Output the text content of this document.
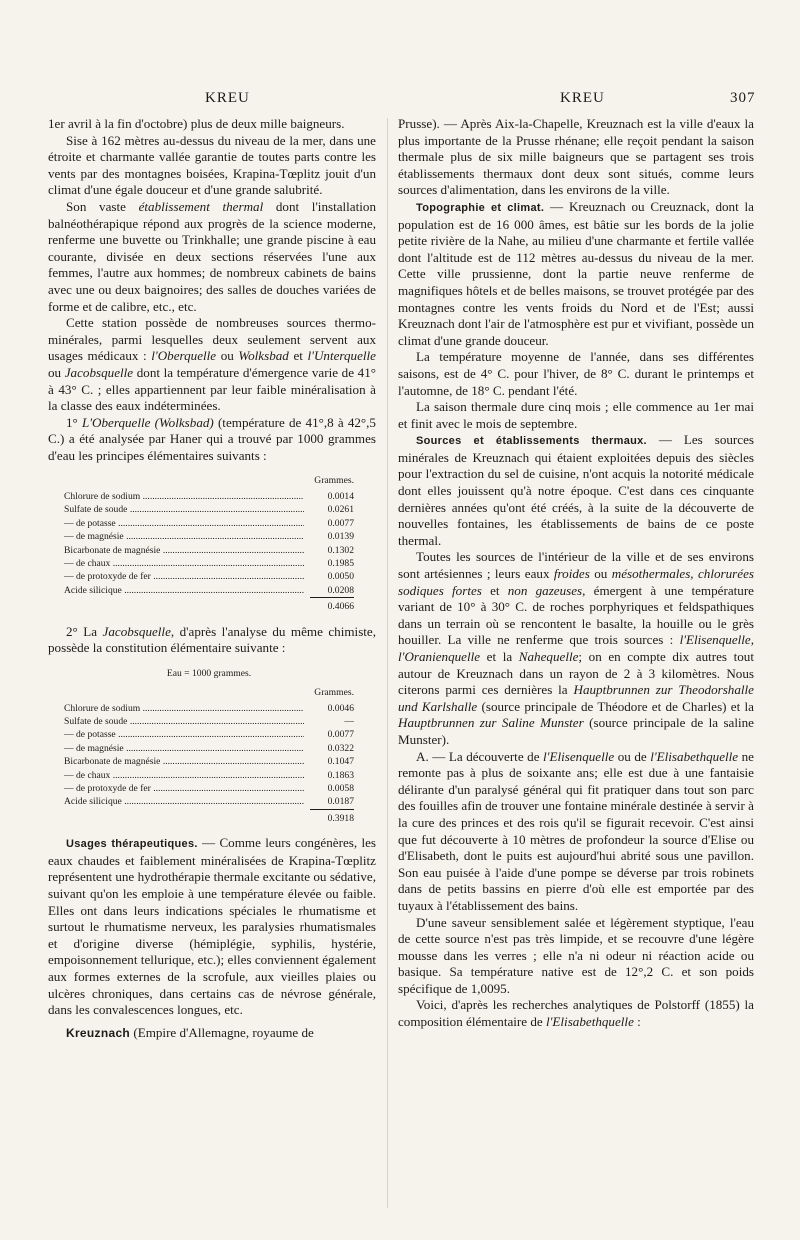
KREU	KREU	307

1er avril à la fin d'octobre) plus de deux mille baigneurs.

Sise à 162 mètres au-dessus du niveau de la mer, dans une étroite et charmante vallée garantie de toutes parts contre les vents par des montagnes boisées, Krapina-Tœplitz jouit d'un climat d'une égale douceur et d'une grande salubrité.

Son vaste établissement thermal dont l'installation balnéothérapique répond aux progrès de la science moderne, renferme une buvette ou Trinkhalle; une grande piscine à eau courante, divisée en deux sections réservées l'une aux femmes, l'autre aux hommes; de nombreux cabinets de bains avec une ou deux baignoires; des salles de douches variées de forme et de calibre, etc., etc.

Cette station possède de nombreuses sources thermo-minérales, parmi lesquelles deux seulement servent aux usages médicaux : l'Oberquelle ou Wolksbad et l'Unterquelle ou Jacobsquelle dont la température d'émergence varie de 41° à 43° C. ; elles appartiennent par leur faible minéralisation à la classe des eaux indéterminées.

1° L'Oberquelle (Wolksbad) (température de 41°,8 à 42°,5 C.) a été analysée par Haner qui a trouvé par 1000 grammes d'eau les principes élémentaires suivants :

Grammes.
Chlorure de sodium .....	0.0014
Sulfate de soude .....	0.0261
— de potasse .....	0.0077
— de magnésie .....	0.0139
Bicarbonate de magnésie .....	0.1302
— de chaux .....	0.1985
— de protoxyde de fer .....	0.0050
Acide silicique .....	0.0208
0.4066

2° La Jacobsquelle, d'après l'analyse du même chimiste, possède la constitution élémentaire suivante :

Eau = 1000 grammes.
Grammes.
Chlorure de sodium .....	0.0046
Sulfate de soude .....	—
— de potasse .....	0.0077
— de magnésie .....	0.0322
Bicarbonate de magnésie .....	0.1047
— de chaux .....	0.1863
— de protoxyde de fer .....	0.0058
Acide silicique .....	0.0187
0.3918

Usages thérapeutiques. — Comme leurs congénères, les eaux chaudes et faiblement minéralisées de Krapina-Tœplitz représentent une hydrothérapie thermale excitante ou sédative, suivant qu'on les emploie à une température élevée ou faible. Elles ont dans leurs indications spéciales le rhumatisme et surtout le rhumatisme nerveux, les paralysies rhumatismales et d'origine diverse (hémiplégie, syphilis, hystérie, empoisonnement tellurique, etc.); elles conviennent également aux formes externes de la scrofule, aux vieilles plaies ou ulcères chroniques, dans certains cas de névrose générale, dans les convalescences longues, etc.

Kreuznach (Empire d'Allemagne, royaume de

Prusse). — Après Aix-la-Chapelle, Kreuznach est la ville d'eaux la plus importante de la Prusse rhénane; elle reçoit pendant la saison thermale plus de six mille baigneurs que se partagent ses trois établissements thermaux dont deux sont situés, comme leurs sources d'alimentation, dans les environs de la ville.

Topographie et climat. — Kreuznach ou Creuznack, dont la population est de 16 000 âmes, est bâtie sur les bords de la jolie petite rivière de la Nahe, au milieu d'une charmante et fertile vallée dont l'altitude est de 112 mètres au-dessus du niveau de la mer. Cette ville prussienne, dont la partie neuve renferme de magnifiques hôtels et de belles maisons, se trouvet protégée par des montagnes contre les vents froids du Nord et de l'Est; aussi Kreuznach dont l'air de l'atmosphère est pur et vivifiant, possède un climat d'une grande douceur.

La température moyenne de l'année, dans ses différentes saisons, est de 4° C. pour l'hiver, de 8° C. durant le printemps et l'automne, de 18° C. pendant l'été.

La saison thermale dure cinq mois ; elle commence au 1er mai et finit avec le mois de septembre.

Sources et établissements thermaux. — Les sources minérales de Kreuznach qui étaient exploitées depuis des siècles pour l'extraction du sel de cuisine, n'ont acquis la notorité médicale dont elles jouissent qu'à notre époque. C'est dans ces cinquante dernières années qu'ont été créés, à la suite de la découverte de nouvelles fontaines, les établissements de bains de ce poste thermal.

Toutes les sources de l'intérieur de la ville et de ses environs sont artésiennes ; leurs eaux froides ou mésothermales, chlorurées sodiques fortes et non gazeuses, émergent à une température variant de 10° à 30° C. de roches porphyriques et feldspathiques dans un terrain où se rencontent le basalte, la houille ou le grès houiller. La ville ne renferme que trois sources : l'Elisenquelle, l'Oranienquelle et la Nahequelle; on en compte dix autres tout autour de Kreuznach dans un rayon de 2 à 3 kilomètres. Nous citerons parmi ces dernières la Hauptbrunnen zur Theodorshalle und Karlshalle (source principale de Théodore et de Charles) et la Hauptbrunnen zur Saline Munster (source principale de la saline Munster).

A. — La découverte de l'Elisenquelle ou de l'Elisabethquelle ne remonte pas à plus de soixante ans; elle est due à une fantaisie délirante d'un paralysé général qui fit pratiquer dans tout son parc des fouilles afin de trouver une fontaine minérale destinée à servir à la cure des princes et des rois qu'il se figurait recevoir. C'est ainsi que fut découverte à 10 mètres de profondeur la source d'Elise ou d'Elisabeth, dont le puits est aujourd'hui abrité sous une pavillon. Son eau puisée à l'aide d'une pompe se déverse par trois robinets dans de petits bassins en pierre d'où elle est emportée par des tuyaux à l'établissement des bains.

D'une saveur sensiblement salée et légèrement styptique, l'eau de cette source n'est pas très limpide, et se recouvre d'une légère mousse dans les verres ; elle n'a ni odeur ni réaction acide ou basique. Sa température native est de 12°,2 C. et son poids spécifique de 1,0095.

Voici, d'après les recherches analytiques de Polstorff (1855) la composition élémentaire de l'Elisabethquelle :
